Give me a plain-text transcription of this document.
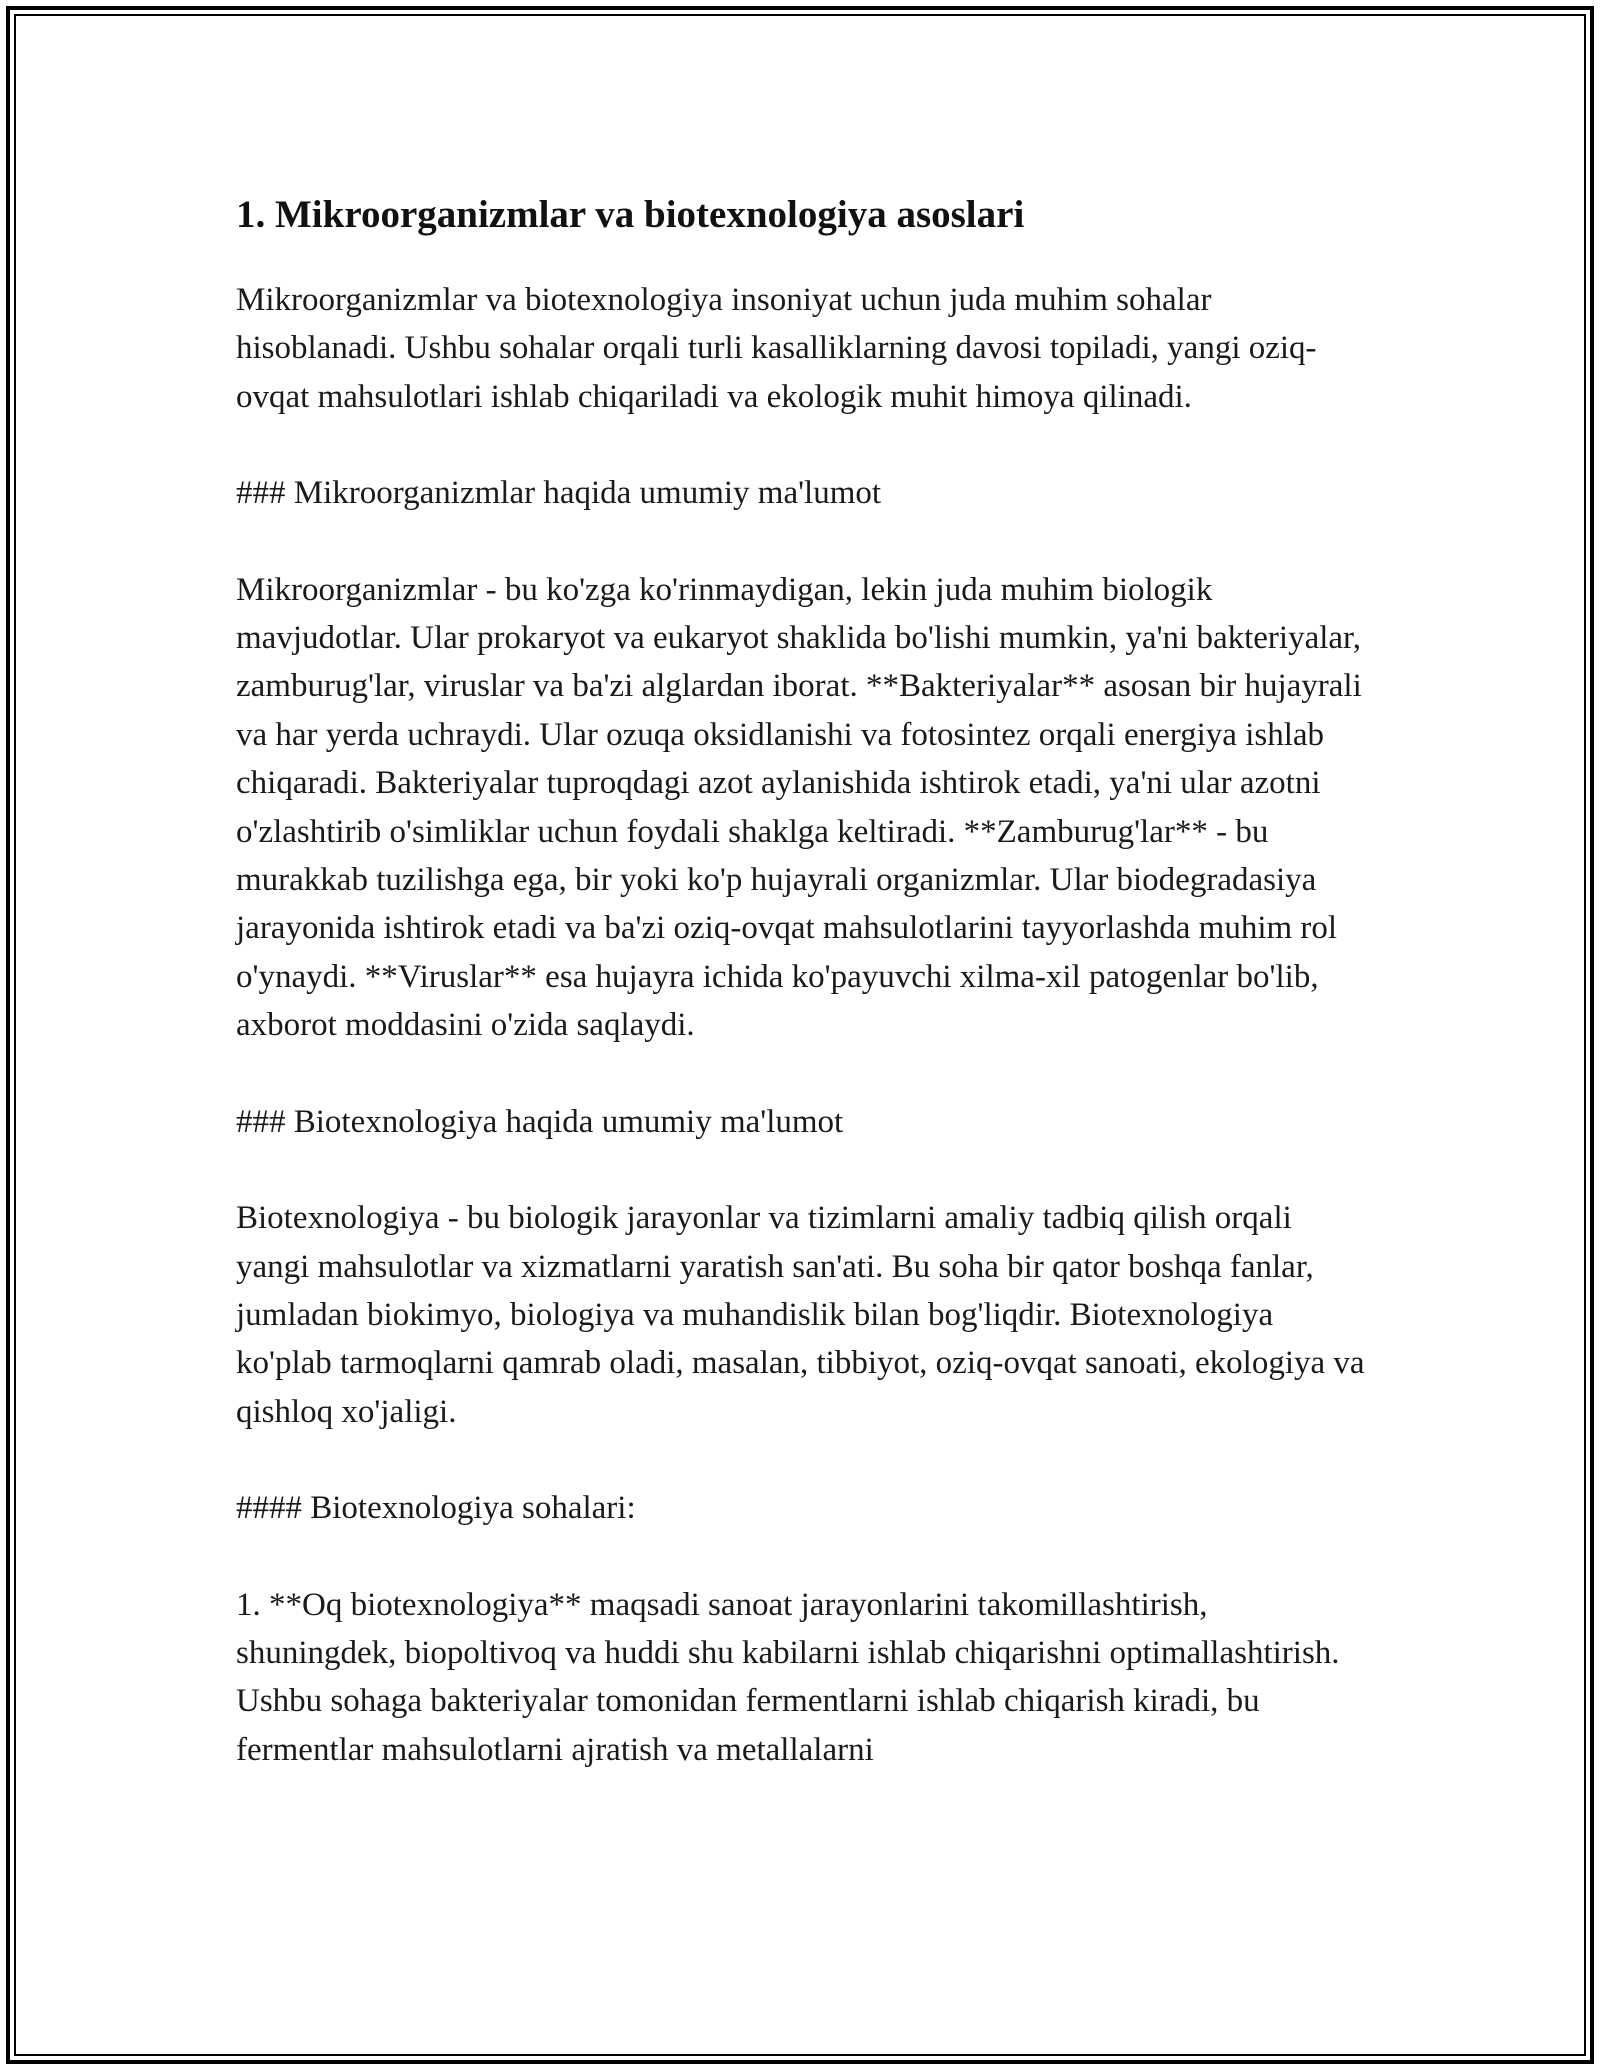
1. Mikroorganizmlar va biotexnologiya asoslari

Mikroorganizmlar va biotexnologiya insoniyat uchun juda muhim sohalar hisoblanadi. Ushbu sohalar orqali turli kasalliklarning davosi topiladi, yangi oziq-ovqat mahsulotlari ishlab chiqariladi va ekologik muhit himoya qilinadi.

### Mikroorganizmlar haqida umumiy ma'lumot

Mikroorganizmlar - bu ko'zga ko'rinmaydigan, lekin juda muhim biologik mavjudotlar. Ular prokaryot va eukaryot shaklida bo'lishi mumkin, ya'ni bakteriyalar, zamburug'lar, viruslar va ba'zi alglardan iborat. **Bakteriyalar** asosan bir hujayrali va har yerda uchraydi. Ular ozuqa oksidlanishi va fotosintez orqali energiya ishlab chiqaradi. Bakteriyalar tuproqdagi azot aylanishida ishtirok etadi, ya'ni ular azotni o'zlashtirib o'simliklar uchun foydali shaklga keltiradi. **Zamburug'lar** - bu murakkab tuzilishga ega, bir yoki ko'p hujayrali organizmlar. Ular biodegradasiya jarayonida ishtirok etadi va ba'zi oziq-ovqat mahsulotlarini tayyorlashda muhim rol o'ynaydi. **Viruslar** esa hujayra ichida ko'payuvchi xilma-xil patogenlar bo'lib, axborot moddasini o'zida saqlaydi.

### Biotexnologiya haqida umumiy ma'lumot

Biotexnologiya - bu biologik jarayonlar va tizimlarni amaliy tadbiq qilish orqali yangi mahsulotlar va xizmatlarni yaratish san'ati. Bu soha bir qator boshqa fanlar, jumladan biokimyo, biologiya va muhandislik bilan bog'liqdir. Biotexnologiya ko'plab tarmoqlarni qamrab oladi, masalan, tibbiyot, oziq-ovqat sanoati, ekologiya va qishloq xo'jaligi.

#### Biotexnologiya sohalari:

1. **Oq biotexnologiya** maqsadi sanoat jarayonlarini takomillashtirish, shuningdek, biopoltivoq va huddi shu kabilarni ishlab chiqarishni optimallashtirish. Ushbu sohaga bakteriyalar tomonidan fermentlarni ishlab chiqarish kiradi, bu fermentlar mahsulotlarni ajratish va metallalarni
